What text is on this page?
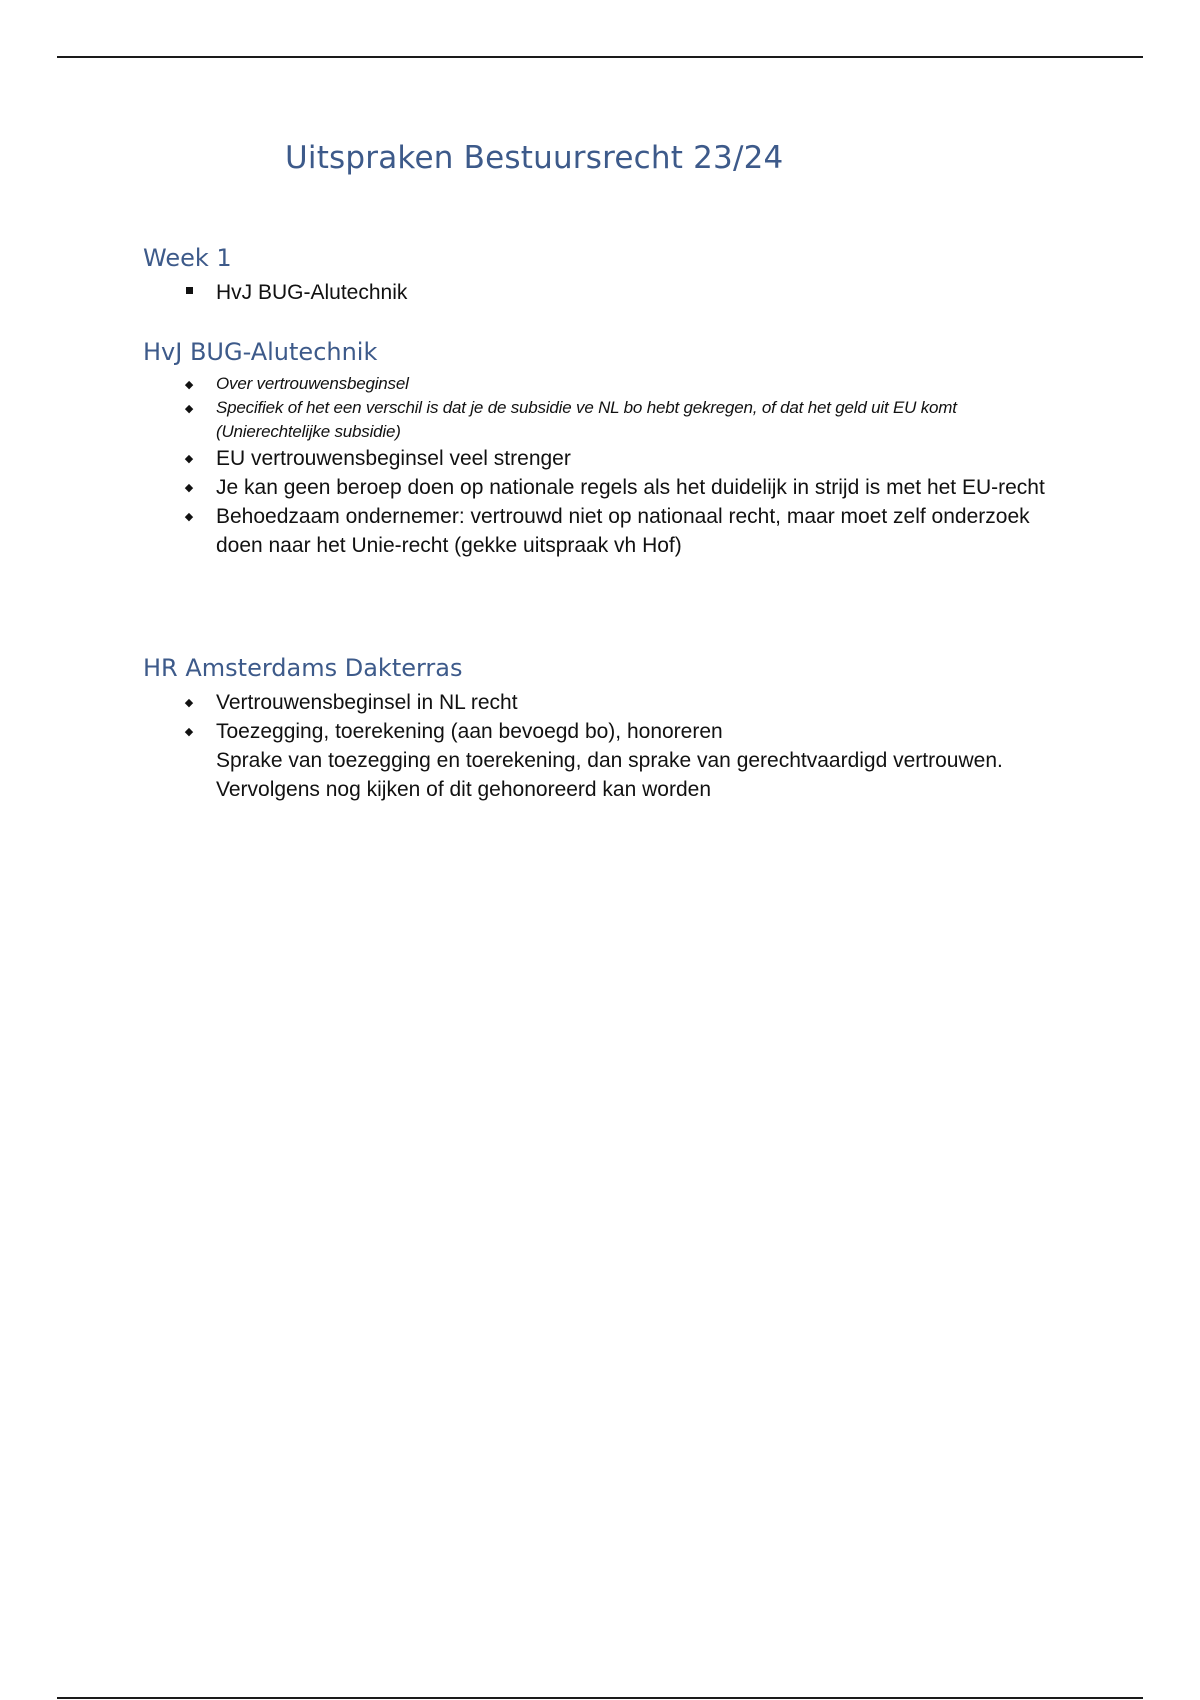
Uitspraken Bestuursrecht 23/24
Week 1
HvJ BUG-Alutechnik
HvJ BUG-Alutechnik
◆
Over vertrouwensbeginsel
◆
Specifiek of het een verschil is dat je de subsidie ve NL bo hebt gekregen, of dat het geld uit EU komt (Unierechtelijke subsidie)
◆
EU vertrouwensbeginsel veel strenger
◆
Je kan geen beroep doen op nationale regels als het duidelijk in strijd is met het EU-recht
◆
Behoedzaam ondernemer: vertrouwd niet op nationaal recht, maar moet zelf onderzoek doen naar het Unie-recht (gekke uitspraak vh Hof)
HR Amsterdams Dakterras
◆
Vertrouwensbeginsel in NL recht
◆
Toezegging, toerekening (aan bevoegd bo), honoreren
Sprake van toezegging en toerekening, dan sprake van gerechtvaardigd vertrouwen. Vervolgens nog kijken of dit gehonoreerd kan worden
